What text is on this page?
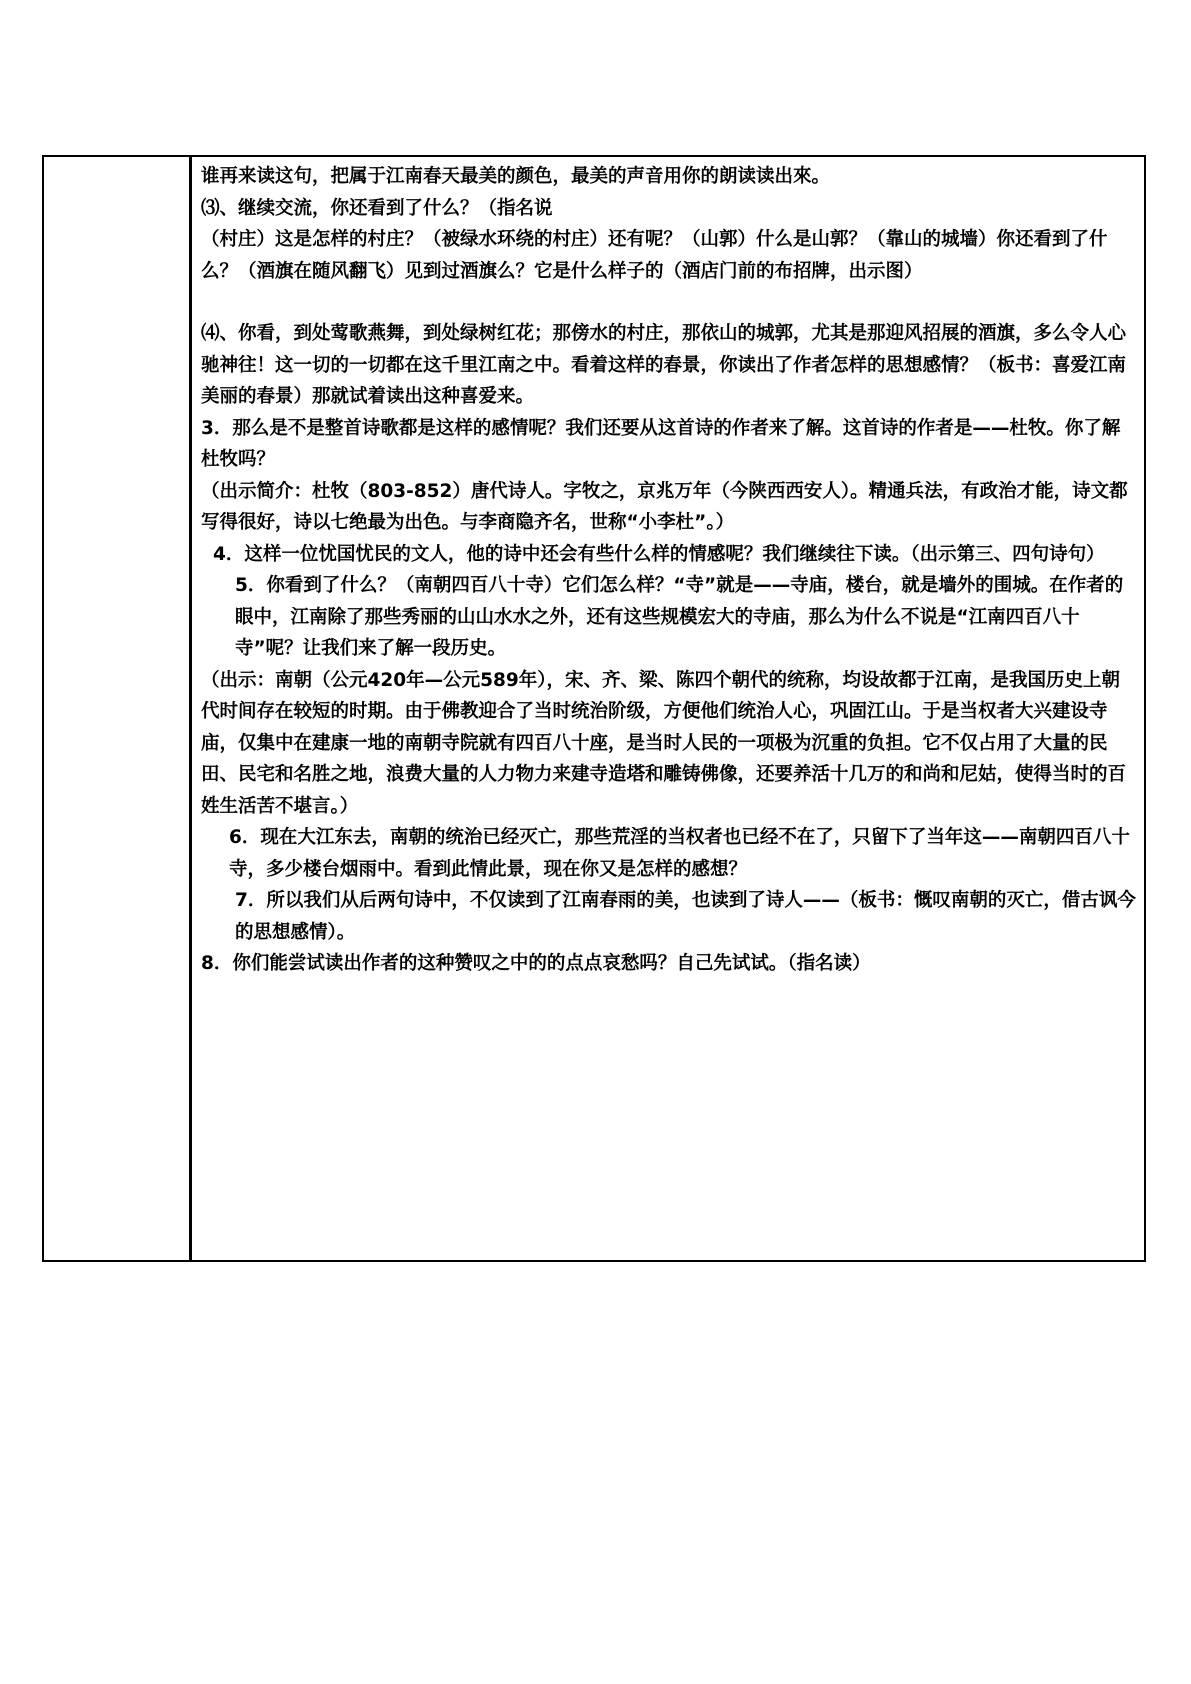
谁再来读这句，把属于江南春天最美的颜色，最美的声音用你的朗读读出來。

⑶、继续交流，你还看到了什么？（指名说

（村庄）这是怎样的村庄？（被绿水环绕的村庄）还有呢？（山郭）什么是山郭？（靠山的城墙）你还看到了什么？（酒旗在随风翻飞）见到过酒旗么？它是什么样子的（酒店门前的布招牌，出示图）

⑷、你看，到处莺歌燕舞，到处绿树红花；那傍水的村庄，那依山的城郭，尤其是那迎风招展的酒旗，多么令人心驰神往！这一切的一切都在这千里江南之中。看着这样的春景，你读出了作者怎样的思想感情？（板书：喜爱江南美丽的春景）那就试着读出这种喜爱来。

3．那么是不是整首诗歌都是这样的感情呢？我们还要从这首诗的作者来了解。这首诗的作者是——杜牧。你了解杜牧吗？

（出示简介：杜牧（803-852）唐代诗人。字牧之，京兆万年（今陕西西安人）。精通兵法，有政治才能，诗文都写得很好，诗以七绝最为出色。与李商隐齐名，世称“小李杜”。）

4．这样一位忧国忧民的文人，他的诗中还会有些什么样的情感呢？我们继续往下读。（出示第三、四句诗句）

5．你看到了什么？（南朝四百八十寺）它们怎么样？“寺”就是——寺庙，楼台，就是墙外的围城。在作者的眼中，江南除了那些秀丽的山山水水之外，还有这些规模宏大的寺庙，那么为什么不说是“江南四百八十寺”呢？让我们来了解一段历史。

（出示：南朝（公元420年—公元589年），宋、齐、梁、陈四个朝代的统称，均设故都于江南，是我国历史上朝代时间存在较短的时期。由于佛教迎合了当时统治阶级，方便他们统治人心，巩固江山。于是当权者大兴建设寺庙，仅集中在建康一地的南朝寺院就有四百八十座，是当时人民的一项极为沉重的负担。它不仅占用了大量的民田、民宅和名胜之地，浪费大量的人力物力来建寺造塔和雕铸佛像，还要养活十几万的和尚和尼姑，使得当时的百姓生活苦不堪言。）

6．现在大江东去，南朝的统治已经灭亡，那些荒淫的当权者也已经不在了，只留下了当年这——南朝四百八十寺，多少楼台烟雨中。看到此情此景，现在你又是怎样的感想？

7．所以我们从后两句诗中，不仅读到了江南春雨的美，也读到了诗人——（板书：慨叹南朝的灭亡，借古讽今的思想感情）。

8．你们能尝试读出作者的这种赞叹之中的的点点哀愁吗？自己先试试。（指名读）
